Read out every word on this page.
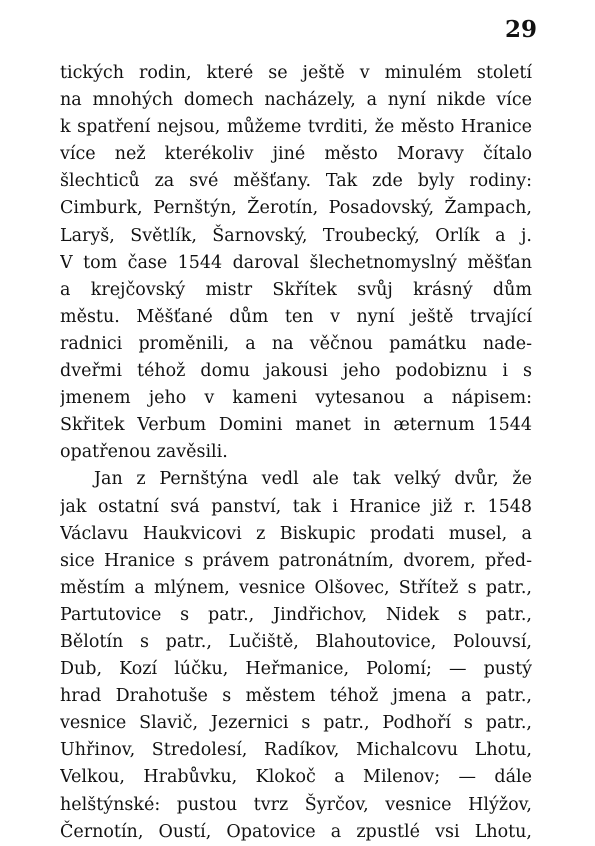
29
tických rodin, které se ještě v minulém století
na mnohých domech nacházely, a nyní nikde více
k spatření nejsou, můžeme tvrditi, že město Hranice
více než kterékoliv jiné město Moravy čítalo
šlechticů za své měšťany. Tak zde byly rodiny:
Cimburk, Pernštýn, Žerotín, Posadovský, Žampach,
Laryš, Světlík, Šarnovský, Troubecký, Orlík a j.
V tom čase 1544 daroval šlechetnomyslný měšťan
a krejčovský mistr Skřítek svůj krásný dům
městu. Měšťané dům ten v nyní ještě trvající
radnici proměnili, a na věčnou památku nade-
dveřmi téhož domu jakousi jeho podobiznu i s
jmenem jeho v kameni vytesanou a nápisem:
Skřitek Verbum Domini manet in æternum 1544
opatřenou zavěsili.
Jan z Pernštýna vedl ale tak velký dvůr, že
jak ostatní svá panství, tak i Hranice již r. 1548
Václavu Haukvicovi z Biskupic prodati musel, a
sice Hranice s právem patronátním, dvorem, před-
městím a mlýnem, vesnice Olšovec, Střítež s patr.,
Partutovice s patr., Jindřichov, Nidek s patr.,
Bělotín s patr., Lučiště, Blahoutovice, Polouvsí,
Dub, Kozí lúčku, Heřmanice, Polomí; — pustý
hrad Drahotuše s městem téhož jmena a patr.,
vesnice Slavič, Jezernici s patr., Podhoří s patr.,
Uhřinov, Stredolesí, Radíkov, Michalcovu Lhotu,
Velkou, Hrabůvku, Klokoč a Milenov; — dále
helštýnské: pustou tvrz Šyrčov, vesnice Hlýžov,
Černotín, Oustí, Opatovice a zpustlé vsi Lhotu,
